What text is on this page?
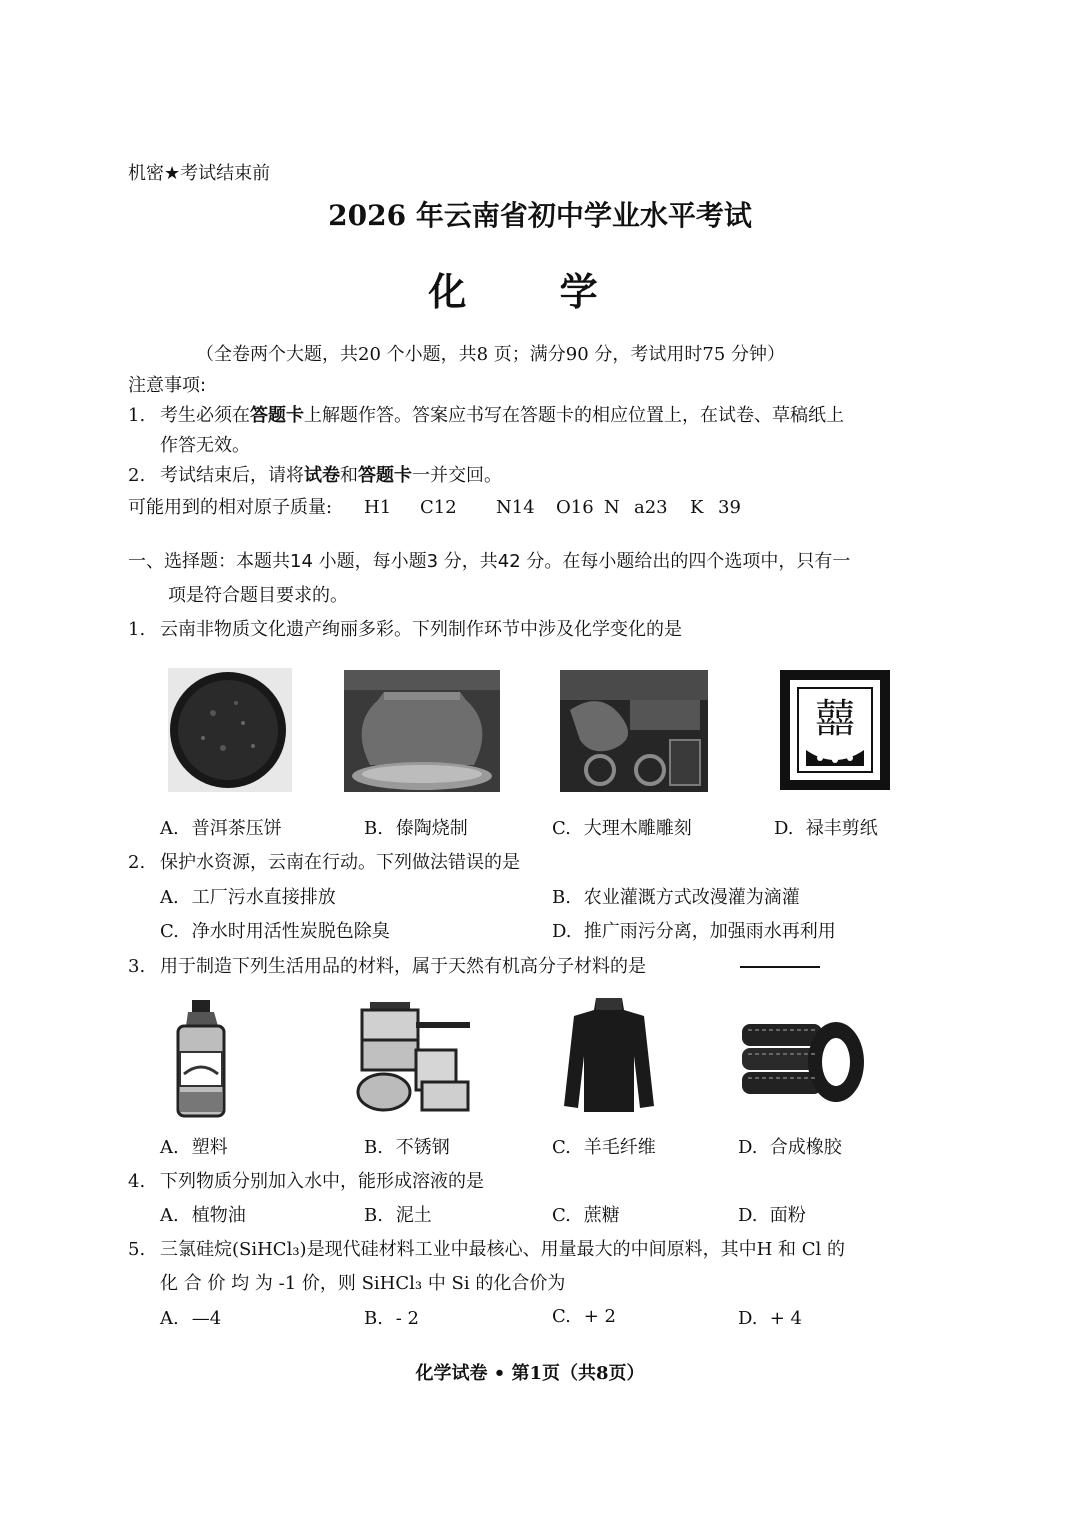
机密★考试结束前
2026 年云南省初中学业水平考试
化 学
（全卷两个大题，共20 个小题，共8 页；满分90 分，考试用时75 分钟）
注意事项:
1. 考生必须在答题卡上解题作答。答案应书写在答题卡的相应位置上，在试卷、草稿纸上
作答无效。
2. 考试结束后，请将试卷和答题卡一并交回。
可能用到的相对原子质量: H1 C12 N14 O16 N a23 K 39
一、选择题：本题共14 小题，每小题3 分，共42 分。在每小题给出的四个选项中，只有一
项是符合题目要求的。
1. 云南非物质文化遗产绚丽多彩。下列制作环节中涉及化学变化的是
囍
A. 普洱茶压饼	B. 傣陶烧制	C. 大理木雕雕刻	D. 禄丰剪纸
2. 保护水资源，云南在行动。下列做法错误的是
A. 工厂污水直接排放	B. 农业灌溉方式改漫灌为滴灌
C. 净水时用活性炭脱色除臭	D. 推广雨污分离，加强雨水再利用
3. 用于制造下列生活用品的材料，属于天然有机高分子材料的是
A. 塑料	B. 不锈钢	C. 羊毛纤维	D. 合成橡胶
4. 下列物质分别加入水中，能形成溶液的是
A. 植物油	B. 泥土	C. 蔗糖	D. 面粉
5. 三氯硅烷(SiHCl₃)是现代硅材料工业中最核心、用量最大的中间原料，其中H 和 Cl 的
化 合 价 均 为 -1 价，则 SiHCl₃ 中 Si 的化合价为
A. —4	B. - 2	C. + 2	D. + 4
化学试卷 • 第1页（共8页）
